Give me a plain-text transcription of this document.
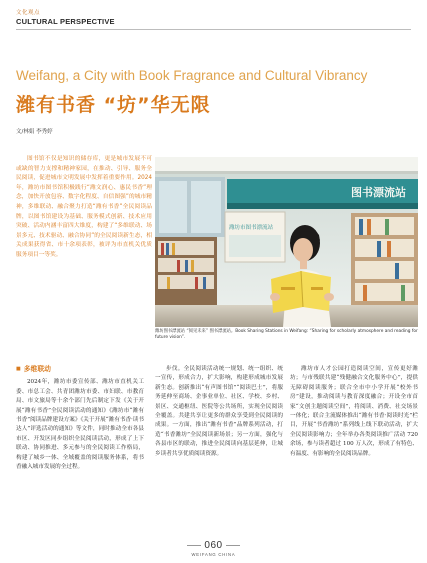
文化观点
CULTURAL PERSPECTIVE
Weifang, a City with Book Fragrance and Cultural Vibrancy
潍有书香 “坊”华无限
文/林娟 李秀婷

图书馆不仅是知识的储存库，更是城市发展不可或缺的智力支撑和精神家园，在推动、引导、服务全民阅读，促进城市文明发展中发挥着重要作用。2024年，潍坊市图书馆积极践行“潍文润心、惠民书香”理念，加快开放包容、数字化程度、自信图强”的城市精神，多维联动、融合聚力打造“潍有书香”全民阅读品牌，以图书馆建设为基础、服务模式创新、技术应用突破、活动内涵丰富四大维度，构建了“多维联动、场景多元、技术驱动、融合协同”的全民阅读新生态，相关成果获得省、市十余项表彰，被评为市直机关优质服务项目一等奖。

图书漂流站
潍坊市图书漂流站
潍坊图书漂流站 “阅见未来” 图书漂流站。Book Sharing Stations in Weifang: “Sharing for scholarly atmosphere and reading for future vision”.
■ 多维联动

2024年，潍坊市委宣传部、潍坊市直机关工委、市总工会、共青团潍坊市委、市妇联、市教育局、市文旅局等十余个部门先后制定下发《关于开展“潍有书香”全民阅读活动的通知》《潍坊市“潍有书香”阅读品牌建设方案》《关于开展“潍有书香·读书达人”评选活动的通知》等文件，同时推动全市各县市区、开发区同步组织全民阅读活动，形成了上下联动、协同推进、多元参与的全民阅读工作格局，构建了城乡一体、全域覆盖的阅读服务体系，将书香融入城市发展的全过程。

步伐。全民阅读活动统一规划、统一组织、统一宣传，形成合力，扩大影响，构建形成城市发展新生态。创新推出“有声图书馆”“阅读巴士”，将服务延伸至商场、企事业单位、社区、学校、乡村、景区、交通枢纽、医院等公共场所，实现全民阅读全覆盖。共建共享让更多的群众享受到全民阅读的成果。一方面，推出“潍有书香”品牌系列活动，打造“书香潍坊”全民阅读新场景；另一方面，强化与各县市区的联动，推进全民阅读向基层延伸，让城乡读者共享优质阅读资源。

潍坊市人才公园打造阅读空间，宣传更好潍坊；与市残联共建“残健融合文化服务中心”，提供无障碍阅读服务；联合全市中小学开展“校外书房”建设，推动阅读与教育深度融合；开设全市首家“文创主题阅读空间”，将阅读、消费、社交场景一体化；联合主流媒体推出“潍有书香·阅读时光”栏目，开展“书香潍坊”系列线上线下联动活动，扩大全民阅读影响力；全年举办各类阅读推广活动 720 余场，参与读者超过 100 万人次，形成了有特色、有温度、有影响的全民阅读品牌。

060
WEIFANG CHINA
